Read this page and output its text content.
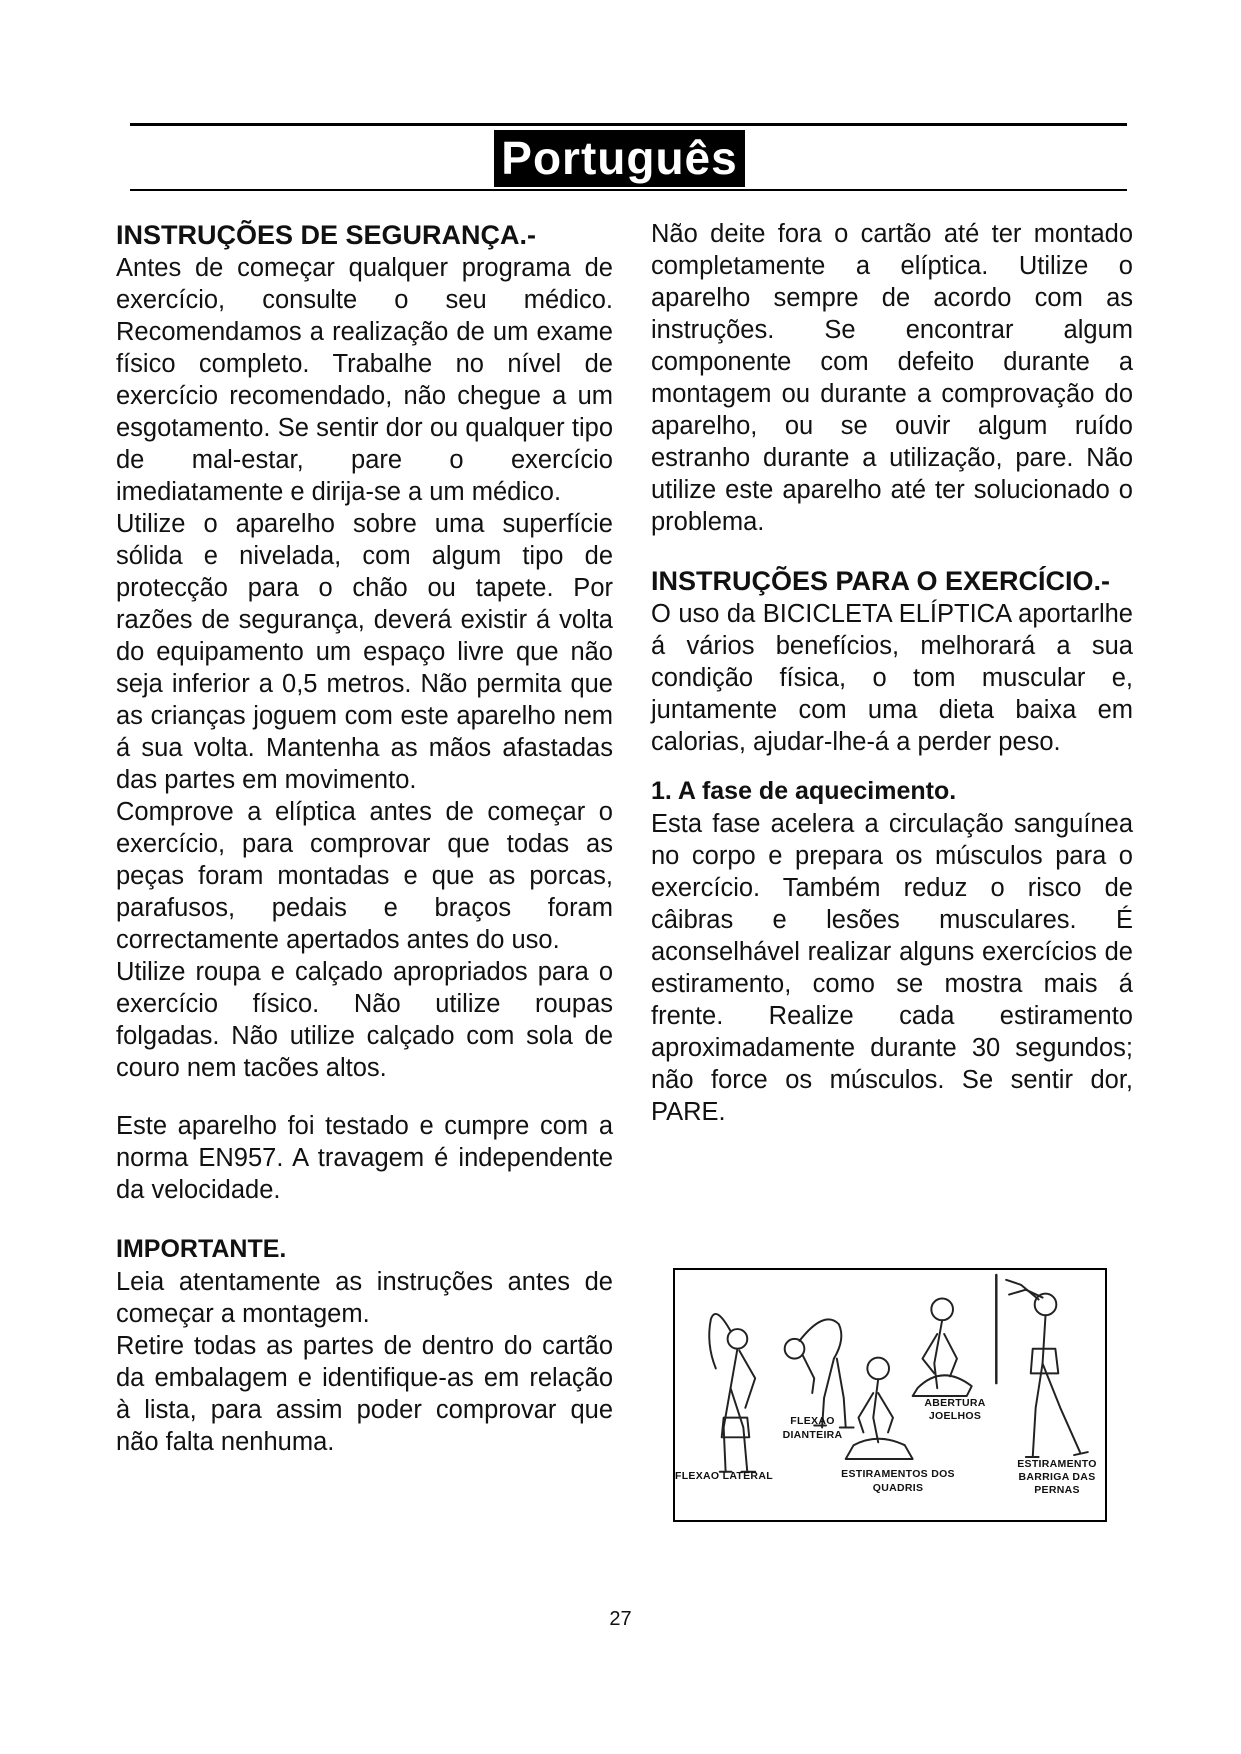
Português
INSTRUÇÕES DE SEGURANÇA.-

Antes de começar qualquer programa de exercício, consulte o seu médico. Recomendamos a realização de um exame físico completo. Trabalhe no nível de exercício recomendado, não chegue a um esgotamento. Se sentir dor ou qualquer tipo de mal-estar, pare o exercício imediatamente e dirija-se a um médico.

Utilize o aparelho sobre uma superfície sólida e nivelada, com algum tipo de protecção para o chão ou tapete. Por razões de segurança, deverá existir á volta do equipamento um espaço livre que não seja inferior a 0,5 metros. Não permita que as crianças joguem com este aparelho nem á sua volta. Mantenha as mãos afastadas das partes em movimento.

Comprove a elíptica antes de começar o exercício, para comprovar que todas as peças foram montadas e que as porcas, parafusos, pedais e braços foram correctamente apertados antes do uso.

Utilize roupa e calçado apropriados para o exercício físico. Não utilize roupas folgadas. Não utilize calçado com sola de couro nem tacões altos.

Este aparelho foi testado e cumpre com a norma EN957. A travagem é independente da velocidade.

IMPORTANTE.

Leia atentamente as instruções antes de começar a montagem.

Retire todas as partes de dentro do cartão da embalagem e identifique-as em relação à lista, para assim poder comprovar que não falta nenhuma.

Não deite fora o cartão até ter montado completamente a elíptica. Utilize o aparelho sempre de acordo com as instruções. Se encontrar algum componente com defeito durante a montagem ou durante a comprovação do aparelho, ou se ouvir algum ruído estranho durante a utilização, pare. Não utilize este aparelho até ter solucionado o problema.

INSTRUÇÕES PARA O EXERCÍCIO.-

O uso da BICICLETA ELÍPTICA aportarlhe á vários benefícios, melhorará a sua condição física, o tom muscular e, juntamente com uma dieta baixa em calorias, ajudar-lhe-á a perder peso.

1. A fase de aquecimento.

Esta fase acelera a circulação sanguínea no corpo e prepara os músculos para o exercício. Também reduz o risco de câibras e lesões musculares. É aconselhável realizar alguns exercícios de estiramento, como se mostra mais á frente. Realize cada estiramento aproximadamente durante 30 segundos; não force os músculos. Se sentir dor, PARE.

FLEXAO LATERAL
FLEXAO
DIANTEIRA
ESTIRAMENTOS DOS
QUADRIS
ABERTURA
JOELHOS
ESTIRAMENTO
BARRIGA DAS
PERNAS
27
